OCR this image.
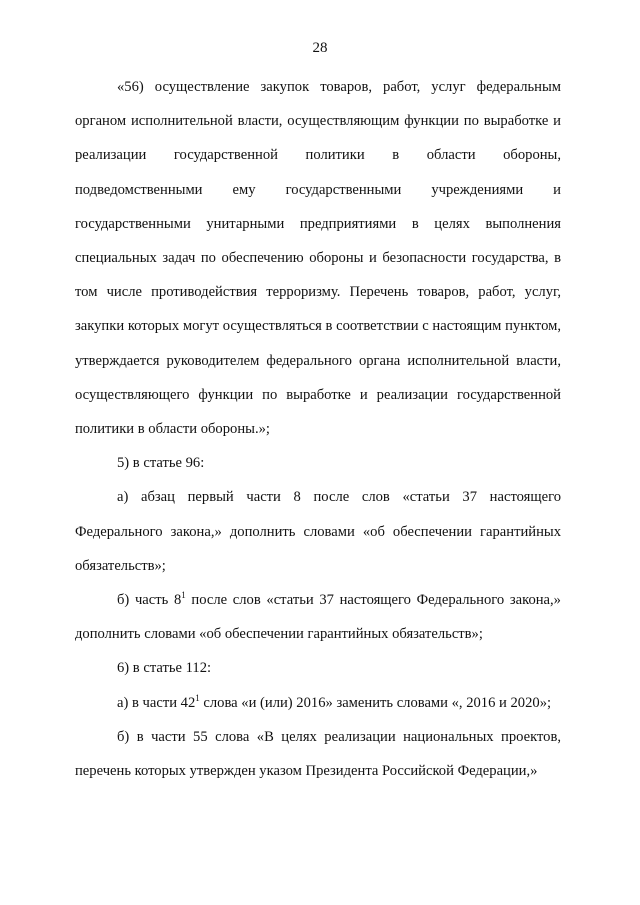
28

«56) осуществление закупок товаров, работ, услуг федеральным органом исполнительной власти, осуществляющим функции по выработке и реализации государственной политики в области обороны, подведомственными ему государственными учреждениями и государственными унитарными предприятиями в целях выполнения специальных задач по обеспечению обороны и безопасности государства, в том числе противодействия терроризму. Перечень товаров, работ, услуг, закупки которых могут осуществляться в соответствии с настоящим пунктом, утверждается руководителем федерального органа исполнительной власти, осуществляющего функции по выработке и реализации государственной политики в области обороны.»;

5) в статье 96:

а) абзац первый части 8 после слов «статьи 37 настоящего Федерального закона,» дополнить словами «об обеспечении гарантийных обязательств»;

б) часть $8^1$ после слов «статьи 37 настоящего Федерального закона,» дополнить словами «об обеспечении гарантийных обязательств»;

6) в статье 112:

а) в части $42^1$ слова «и (или) 2016» заменить словами «, 2016 и 2020»;

б) в части 55 слова «В целях реализации национальных проектов, перечень которых утвержден указом Президента Российской Федерации,»
